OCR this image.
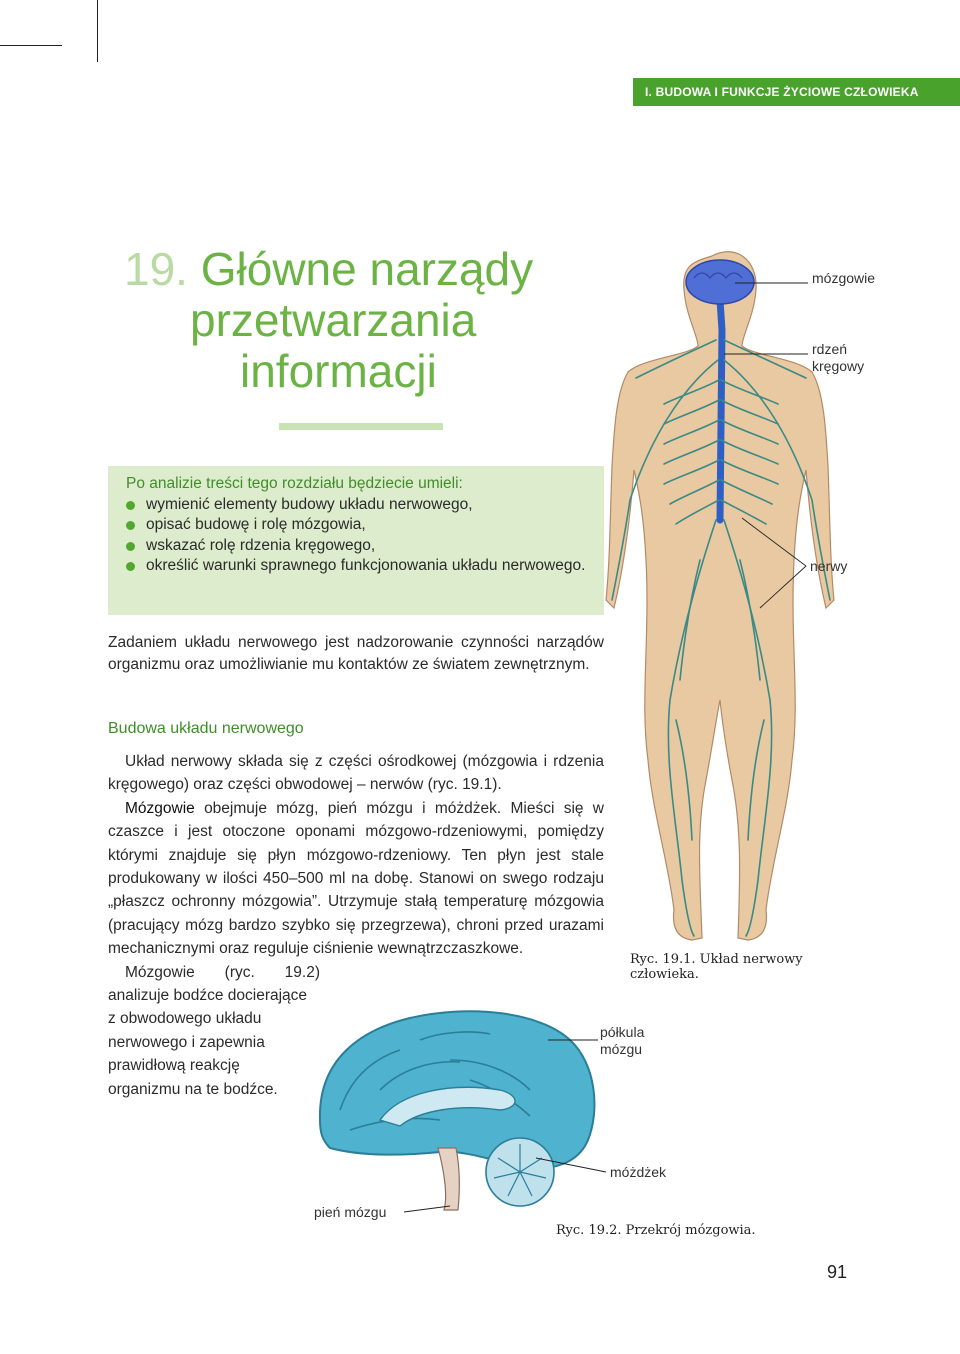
I. BUDOWA I FUNKCJE ŻYCIOWE CZŁOWIEKA
19. Główne narządy
przetwarzania
informacji
Po analizie treści tego rozdziału będziecie umieli:
wymienić elementy budowy układu nerwowego,
opisać budowę i rolę mózgowia,
wskazać rolę rdzenia kręgowego,
określić warunki sprawnego funkcjonowania układu nerwowego.
Zadaniem układu nerwowego jest nadzorowanie czynności narządów organizmu oraz umożliwianie mu kontaktów ze światem zewnętrznym.
Budowa układu nerwowego

Układ nerwowy składa się z części ośrodkowej (mózgowia i rdzenia kręgowego) oraz części obwodowej – nerwów (ryc. 19.1).

Mózgowie obejmuje mózg, pień mózgu i móżdżek. Mieści się w czaszce i jest otoczone oponami mózgowo-rdzeniowymi, pomiędzy którymi znajduje się płyn mózgowo-rdzeniowy. Ten płyn jest stale produkowany w ilości 450–500 ml na dobę. Stanowi on swego rodzaju „płaszcz ochronny mózgowia”. Utrzymuje stałą temperaturę mózgowia (pracujący mózg bardzo szybko się przegrzewa), chroni przed urazami mechanicznymi oraz reguluje ciśnienie wewnątrzczaszkowe.

Mózgowie (ryc. 19.2) analizuje bodźce docierające

z obwodowego układu nerwowego i zapewnia prawidłową reakcję organizmu na te bodźce.

mózgowie
rdzeń kręgowy
nerwy
Ryc. 19.1. Układ nerwowy człowieka.
półkula mózgu
móżdżek
pień mózgu
Ryc. 19.2. Przekrój mózgowia.
91
